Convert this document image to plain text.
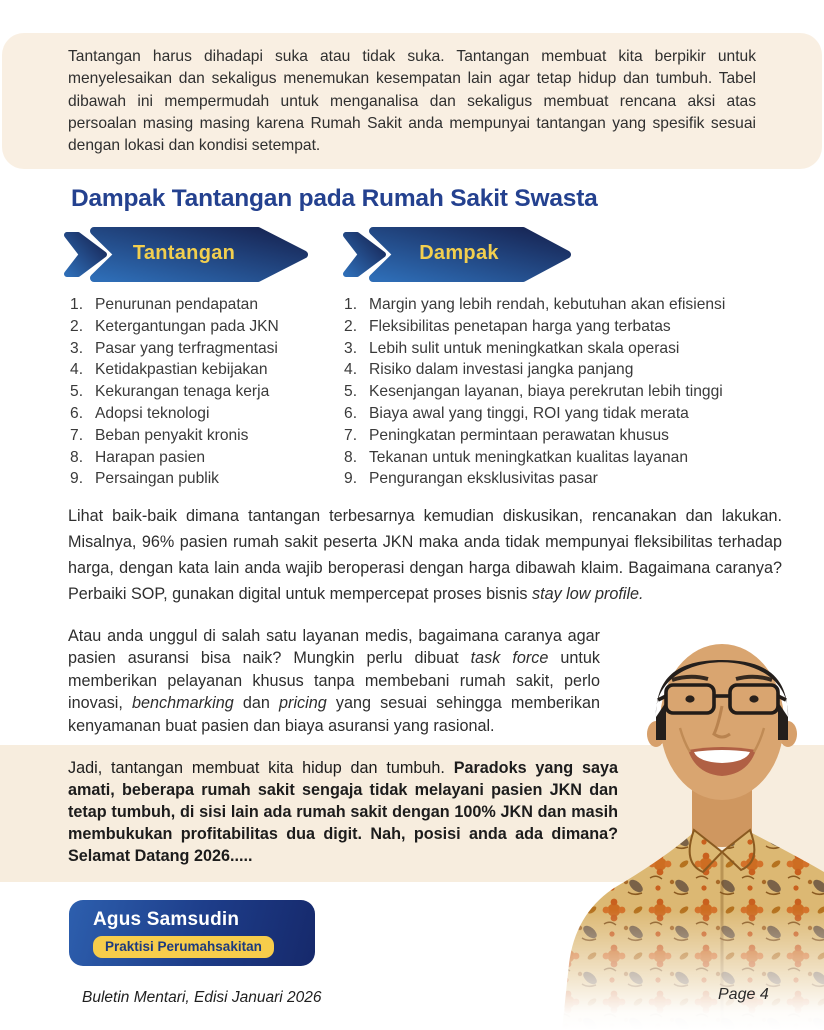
Tantangan harus dihadapi suka atau tidak suka. Tantangan membuat kita berpikir untuk menyelesaikan dan sekaligus menemukan kesempatan lain agar tetap hidup dan tumbuh. Tabel dibawah ini mempermudah untuk menganalisa dan sekaligus membuat rencana aksi atas persoalan masing masing karena Rumah Sakit anda mempunyai tantangan yang spesifik sesuai dengan lokasi dan kondisi setempat.
Dampak Tantangan pada Rumah Sakit Swasta
Tantangan	Dampak
Penurunan pendapatan
Ketergantungan pada JKN
Pasar yang terfragmentasi
Ketidakpastian kebijakan
Kekurangan tenaga kerja
Adopsi teknologi
Beban penyakit kronis
Harapan pasien
Persaingan publik
Margin yang lebih rendah, kebutuhan akan efisiensi
Fleksibilitas penetapan harga yang terbatas
Lebih sulit untuk meningkatkan skala operasi
Risiko dalam investasi jangka panjang
Kesenjangan layanan, biaya perekrutan lebih tinggi
Biaya awal yang tinggi, ROI yang tidak merata
Peningkatan permintaan perawatan khusus
Tekanan untuk meningkatkan kualitas layanan
Pengurangan eksklusivitas pasar
Lihat baik-baik dimana tantangan terbesarnya kemudian diskusikan, rencanakan dan lakukan. Misalnya, 96% pasien rumah sakit peserta JKN maka anda tidak mempunyai fleksibilitas terhadap harga, dengan kata lain anda wajib beroperasi dengan harga dibawah klaim. Bagaimana caranya? Perbaiki SOP, gunakan digital untuk mempercepat proses bisnis stay low profile.
Atau anda unggul di salah satu layanan medis, bagaimana caranya agar pasien asuransi bisa naik? Mungkin perlu dibuat task force untuk memberikan pelayanan khusus tanpa membebani rumah sakit, perlo inovasi, benchmarking dan pricing yang sesuai sehingga memberikan kenyamanan buat pasien dan biaya asuransi yang rasional.
Jadi, tantangan membuat kita hidup dan tumbuh. Paradoks yang saya amati, beberapa rumah sakit sengaja tidak melayani pasien JKN dan tetap tumbuh, di sisi lain ada rumah sakit dengan 100% JKN dan masih membukukan profitabilitas dua digit. Nah, posisi anda ada dimana? Selamat Datang 2026.....
Agus Samsudin
Praktisi Perumahsakitan
Buletin Mentari, Edisi Januari 2026	Page 4
